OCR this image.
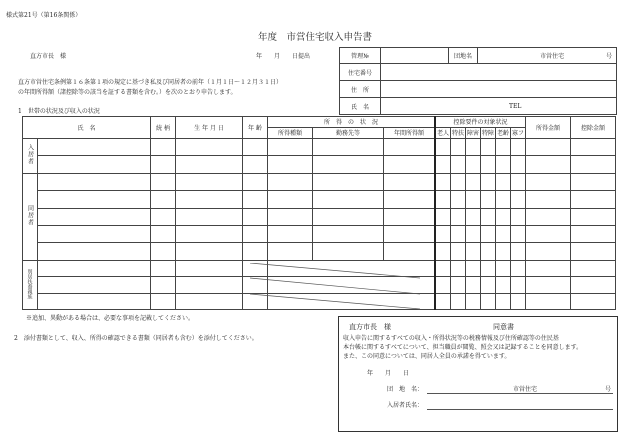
様式第21号（第16条関係）
年度　市営住宅収入申告書
直方市長　様	年　　月　　日提出	管理№		団地名	市営住宅 号
住宅番号			
住　所			
氏　名	TEL		
直方市営住宅条例第１６条第１項の規定に基づき私及び同居者の前年（１月１日～１２月３１日）
の年間所得額（諸控除等の該当を証する書類を含む。）を次のとおり申告します。
1　世帯の状況及び収入の状況
氏　名		続 柄	生 年 月 日	年 齢	所　得　の　状　況			控除要件の対象状況						所得金額	控除金額
					所得種類	勤務先等	年間所得額	老人	特扶	障害	特障	老齢	寡フ		
入居者															

同居者															

別居扶養親族															

※追加、異動がある場合は、必要な事項を記載してください。
2　添付書類として、収入、所得の確認できる書類（同居者も含む）を添付してください。
直方市長　様	同意書
収入申告に関するすべての収入・所得状況等の税務情報及び住所確認等の住民基
本台帳に関するすべてについて、担当職員が閲覧、照会又は記録することを同意します。
また、この同意については、同居人全員の承諾を得ています。
年　　月　　日
団　地　名：	市営住宅	号
入居者氏名：
